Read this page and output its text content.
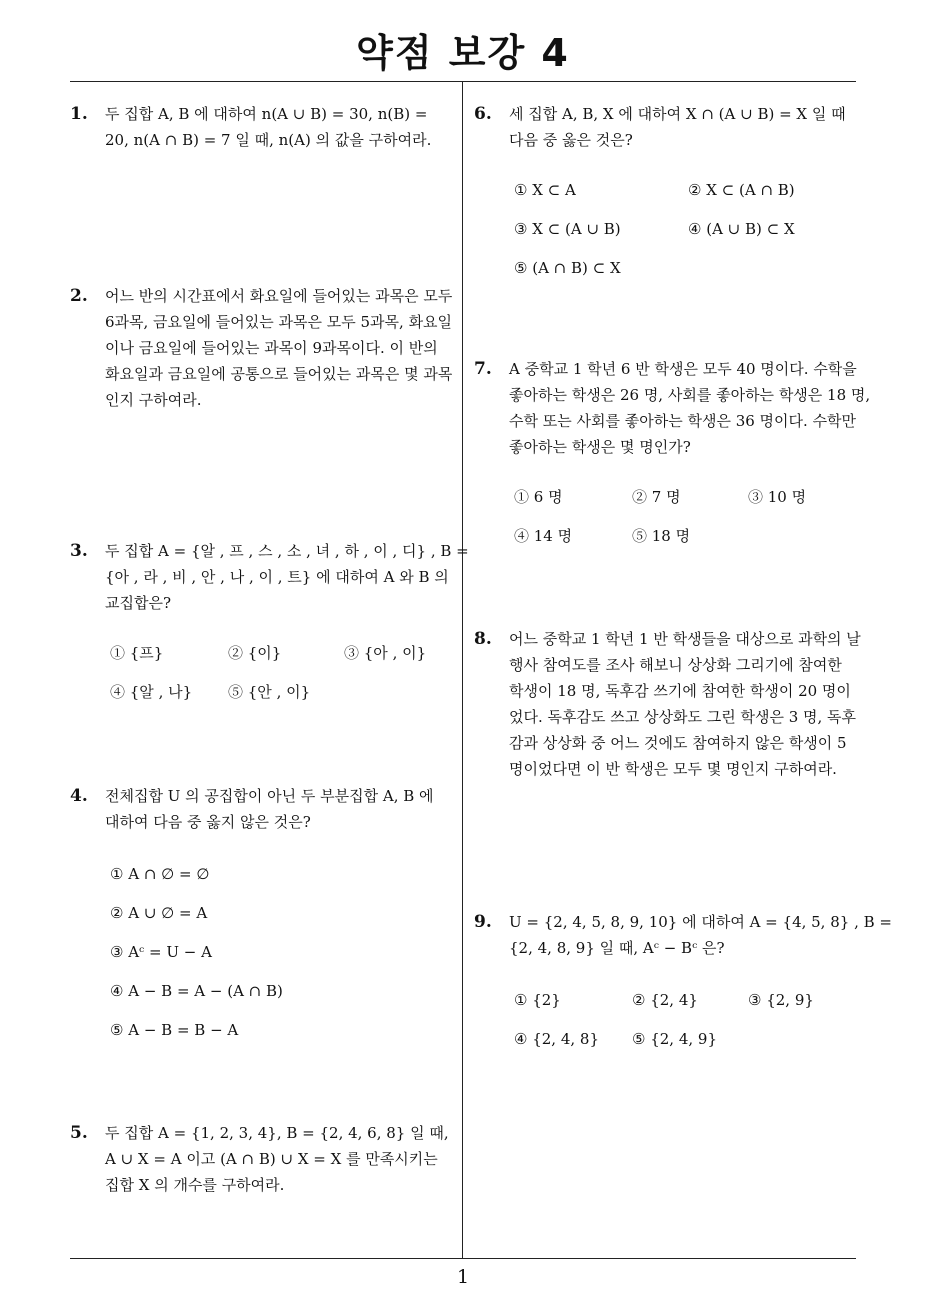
약점 보강 4
1
1. 두 집합 A, B 에 대하여 n(A ∪ B) = 30, n(B) =
20, n(A ∩ B) = 7 일 때, n(A) 의 값을 구하여라.
2. 어느 반의 시간표에서 화요일에 들어있는 과목은 모두
6과목, 금요일에 들어있는 과목은 모두 5과목, 화요일
이나 금요일에 들어있는 과목이 9과목이다. 이 반의
화요일과 금요일에 공통으로 들어있는 과목은 몇 과목
인지 구하여라.
3. 두 집합 A = {알 , 프 , 스 , 소 , 녀 , 하 , 이 , 디} , B =
{아 , 라 , 비 , 안 , 나 , 이 , 트} 에 대하여 A 와 B 의
교집합은?
① {프}	② {이}	③ {아 , 이}
④ {알 , 나} ⑤ {안 , 이}
4. 전체집합 U 의 공집합이 아닌 두 부분집합 A, B 에
대하여 다음 중 옳지 않은 것은?
① A ∩ ∅ = ∅
② A ∪ ∅ = A
③ Aᶜ = U − A
④ A − B = A − (A ∩ B)
⑤ A − B = B − A
5. 두 집합 A = {1, 2, 3, 4}, B = {2, 4, 6, 8} 일 때,
A ∪ X = A 이고 (A ∩ B) ∪ X = X 를 만족시키는
집합 X 의 개수를 구하여라.
6. 세 집합 A, B, X 에 대하여 X ∩ (A ∪ B) = X 일 때
다음 중 옳은 것은?
① X ⊂ A	② X ⊂ (A ∩ B)
③ X ⊂ (A ∪ B)	④ (A ∪ B) ⊂ X
⑤ (A ∩ B) ⊂ X
7. A 중학교 1 학년 6 반 학생은 모두 40 명이다. 수학을
좋아하는 학생은 26 명, 사회를 좋아하는 학생은 18 명,
수학 또는 사회를 좋아하는 학생은 36 명이다. 수학만
좋아하는 학생은 몇 명인가?
① 6 명	② 7 명	③ 10 명
④ 14 명	⑤ 18 명
8. 어느 중학교 1 학년 1 반 학생들을 대상으로 과학의 날
행사 참여도를 조사 해보니 상상화 그리기에 참여한
학생이 18 명, 독후감 쓰기에 참여한 학생이 20 명이
었다. 독후감도 쓰고 상상화도 그린 학생은 3 명, 독후
감과 상상화 중 어느 것에도 참여하지 않은 학생이 5
명이었다면 이 반 학생은 모두 몇 명인지 구하여라.
9. U = {2, 4, 5, 8, 9, 10} 에 대하여 A = {4, 5, 8} , B =
{2, 4, 8, 9} 일 때, Aᶜ − Bᶜ 은?
① {2}	② {2, 4}	③ {2, 9}
④ {2, 4, 8} ⑤ {2, 4, 9}
